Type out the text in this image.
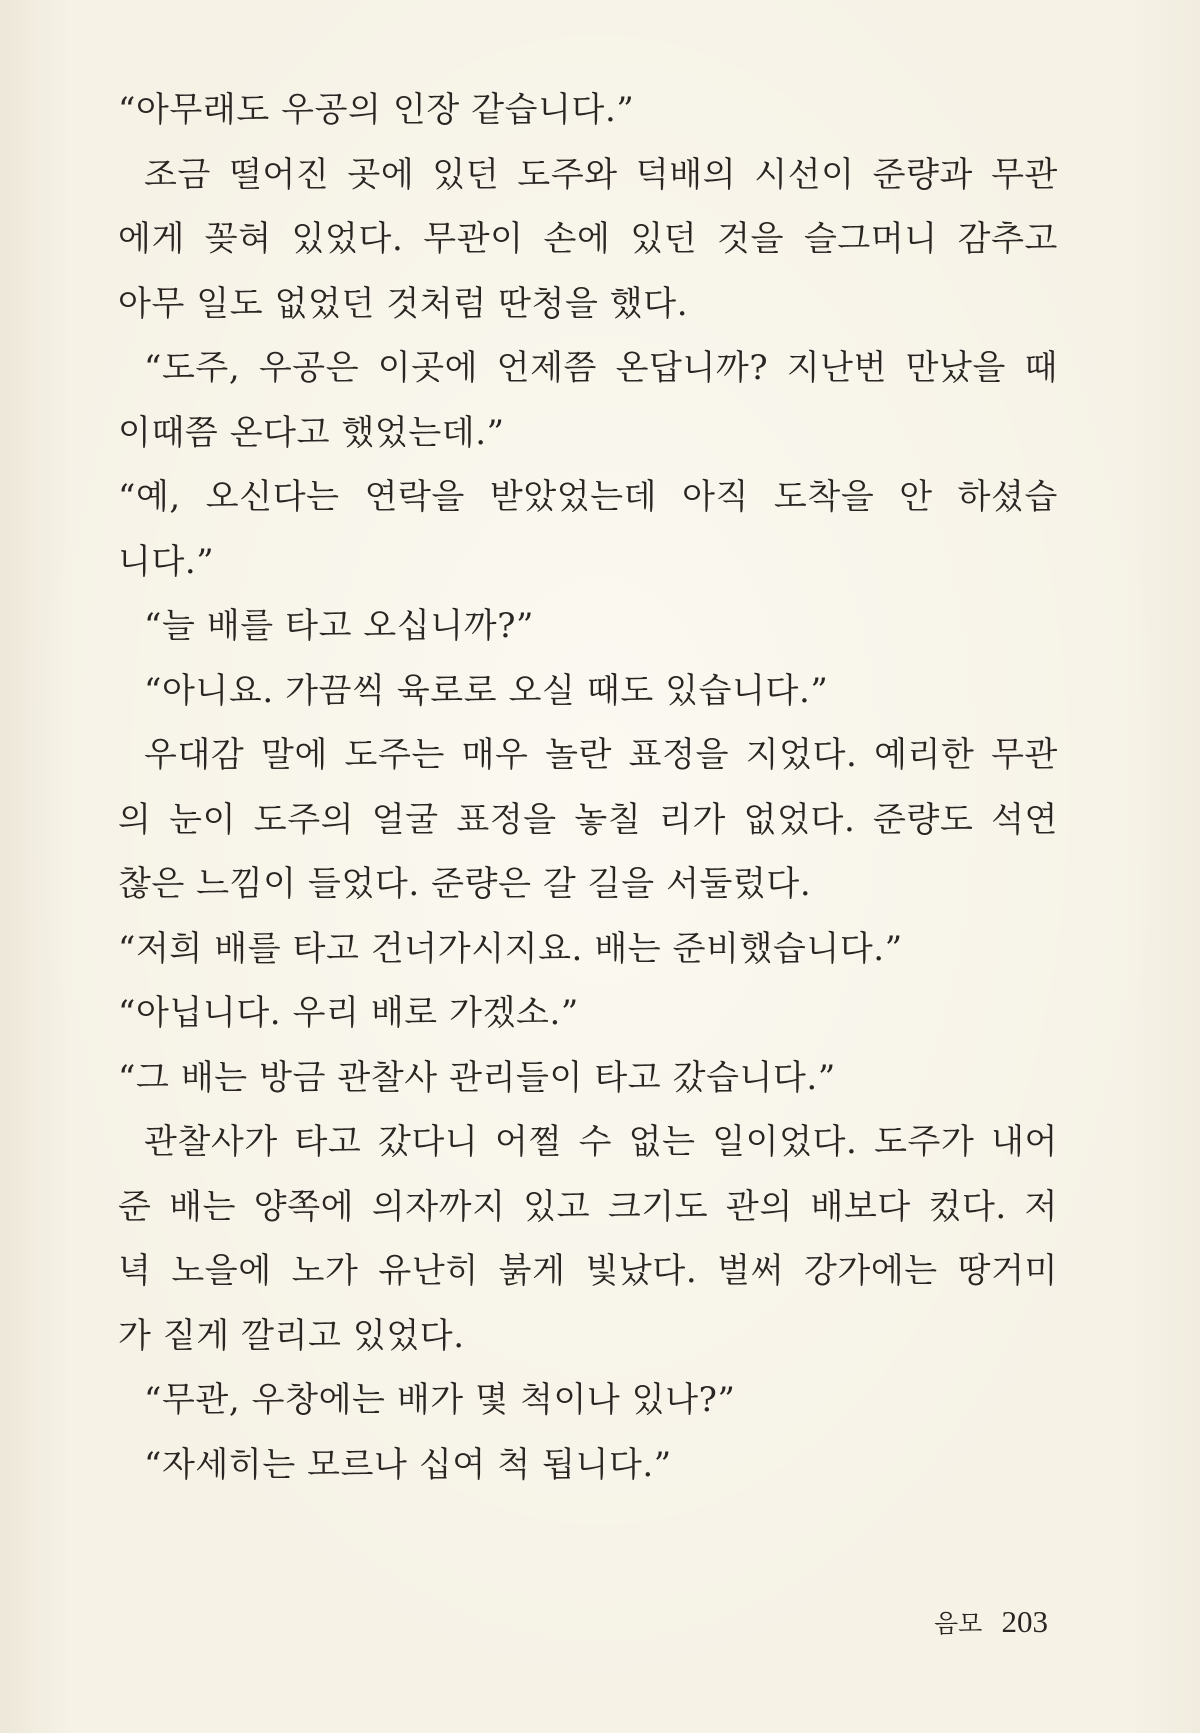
“아무래도 우공의 인장 같습니다.”
조금 떨어진 곳에 있던 도주와 덕배의 시선이 준량과 무관
에게 꽂혀 있었다. 무관이 손에 있던 것을 슬그머니 감추고
아무 일도 없었던 것처럼 딴청을 했다.
“도주, 우공은 이곳에 언제쯤 온답니까? 지난번 만났을 때
이때쯤 온다고 했었는데.”
“예, 오신다는 연락을 받았었는데 아직 도착을 안 하셨습
니다.”
“늘 배를 타고 오십니까?”
“아니요. 가끔씩 육로로 오실 때도 있습니다.”
우대감 말에 도주는 매우 놀란 표정을 지었다. 예리한 무관
의 눈이 도주의 얼굴 표정을 놓칠 리가 없었다. 준량도 석연
찮은 느낌이 들었다. 준량은 갈 길을 서둘렀다.
“저희 배를 타고 건너가시지요. 배는 준비했습니다.”
“아닙니다. 우리 배로 가겠소.”
“그 배는 방금 관찰사 관리들이 타고 갔습니다.”
관찰사가 타고 갔다니 어쩔 수 없는 일이었다. 도주가 내어
준 배는 양쪽에 의자까지 있고 크기도 관의 배보다 컸다. 저
녁 노을에 노가 유난히 붉게 빛났다. 벌써 강가에는 땅거미
가 짙게 깔리고 있었다.
“무관, 우창에는 배가 몇 척이나 있나?”
“자세히는 모르나 십여 척 됩니다.”
음모 203
